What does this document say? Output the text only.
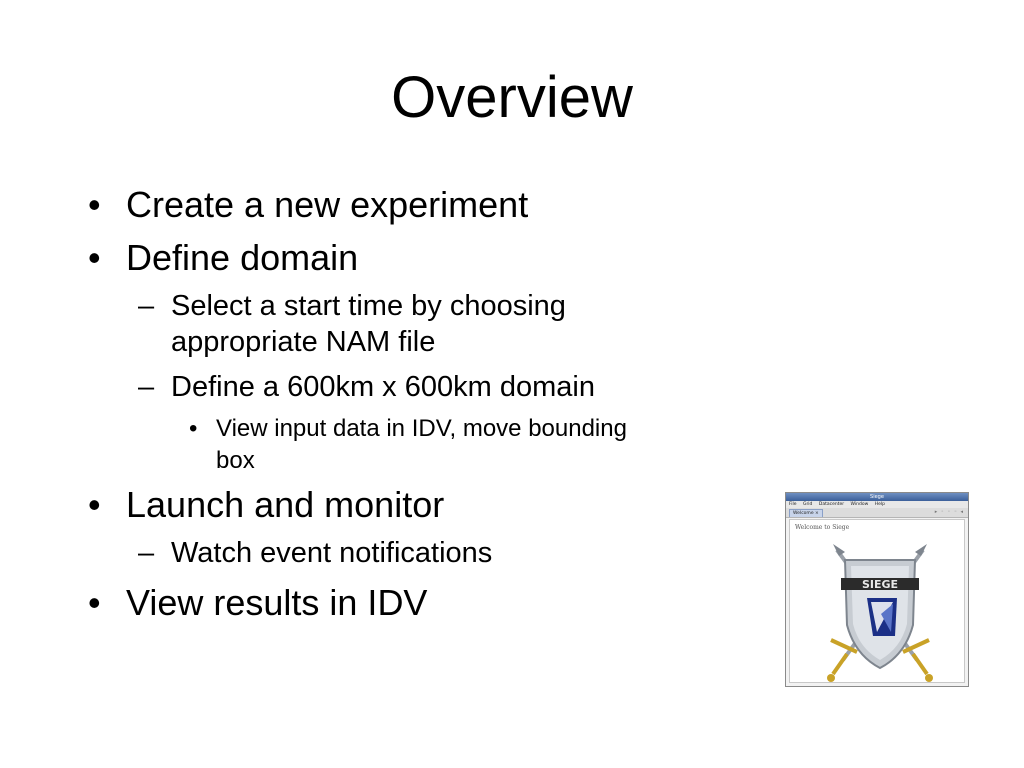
Overview
• Create a new experiment
• Define domain
– Select a start time by choosing
appropriate NAM file
– Define a 600km x 600km domain
• View input data in IDV, move bounding
box
• Launch and monitor
– Watch event notifications
• View results in IDV
Siege
File Grid Datacenter Window Help
Welcome ×	▸ ◦ ◦ ◦ ◂
Welcome to Siege
SIEGE
